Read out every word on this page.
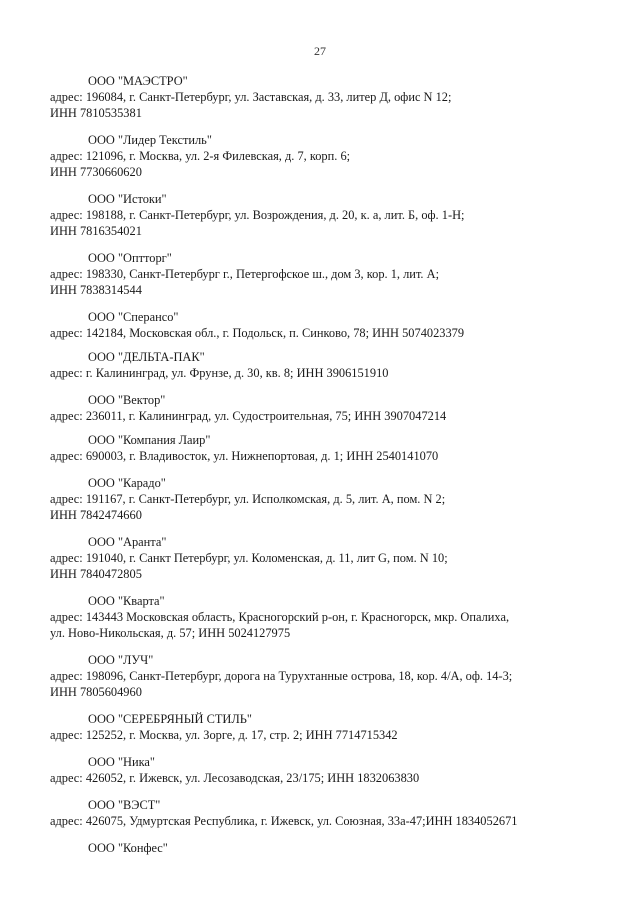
27
ООО "МАЭСТРО"
адрес: 196084, г. Санкт-Петербург, ул. Заставская, д. 33, литер Д, офис N 12;
ИНН 7810535381
ООО "Лидер Текстиль"
адрес: 121096, г. Москва, ул. 2-я Филевская, д. 7, корп. 6;
ИНН 7730660620
ООО "Истоки"
адрес: 198188, г. Санкт-Петербург, ул. Возрождения, д. 20, к. а, лит. Б, оф. 1-Н;
ИНН 7816354021
ООО "Оптторг"
адрес: 198330, Санкт-Петербург г., Петергофское ш., дом 3, кор. 1, лит. А;
ИНН 7838314544
ООО "Сперансо"
адрес: 142184, Московская обл., г. Подольск, п. Синково, 78; ИНН 5074023379
ООО "ДЕЛЬТА-ПАК"
адрес: г. Калининград, ул. Фрунзе, д. 30, кв. 8; ИНН 3906151910
ООО "Вектор"
адрес: 236011, г. Калининград, ул. Судостроительная, 75; ИНН 3907047214
ООО "Компания Лаир"
адрес: 690003, г. Владивосток, ул. Нижнепортовая, д. 1; ИНН 2540141070
ООО "Карадо"
адрес: 191167, г. Санкт-Петербург, ул. Исполкомская, д. 5, лит. А, пом. N 2;
ИНН 7842474660
ООО "Аранта"
адрес: 191040, г. Санкт Петербург, ул. Коломенская, д. 11, лит G, пом. N 10;
ИНН 7840472805
ООО "Кварта"
адрес: 143443 Московская область, Красногорский р-он, г. Красногорск, мкр. Опалиха,
ул. Ново-Никольская, д. 57; ИНН 5024127975
ООО "ЛУЧ"
адрес: 198096, Санкт-Петербург, дорога на Турухтанные острова, 18, кор. 4/А, оф. 14-3;
ИНН 7805604960
ООО "СЕРЕБРЯНЫЙ СТИЛЬ"
адрес: 125252, г. Москва, ул. Зорге, д. 17, стр. 2; ИНН 7714715342
ООО "Ника"
адрес: 426052, г. Ижевск, ул. Лесозаводская, 23/175; ИНН 1832063830
ООО "ВЭСТ"
адрес: 426075, Удмуртская Республика, г. Ижевск, ул. Союзная, 33а-47;ИНН 1834052671
ООО "Конфес"
